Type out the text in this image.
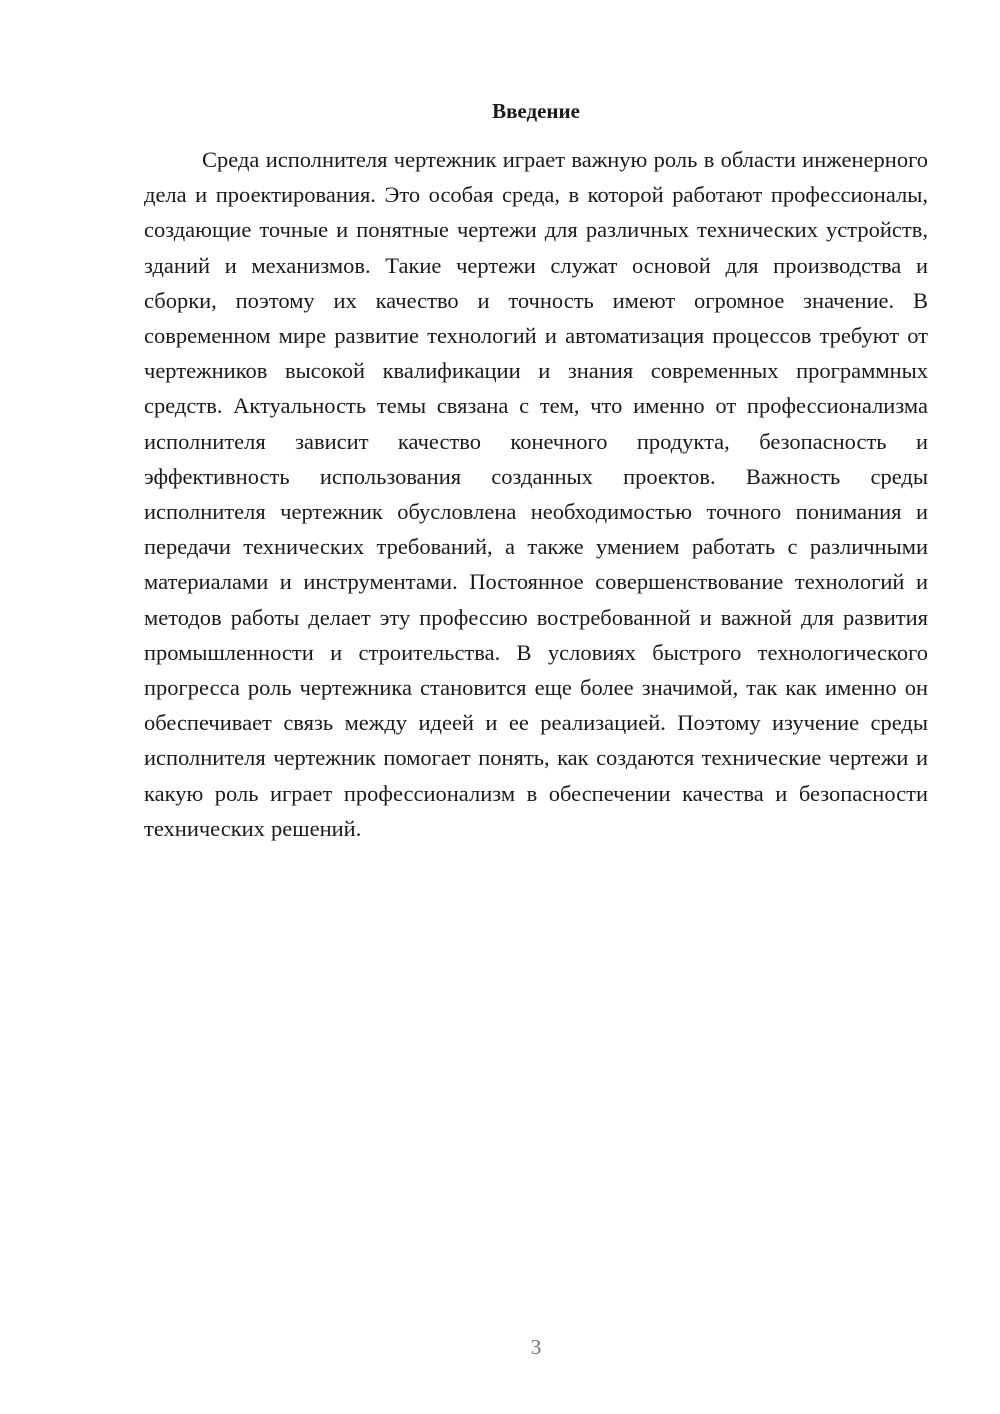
Введение

Среда исполнителя чертежник играет важную роль в области инженерного дела и проектирования. Это особая среда, в которой работают профессионалы, создающие точные и понятные чертежи для различных технических устройств, зданий и механизмов. Такие чертежи служат основой для производства и сборки, поэтому их качество и точность имеют огромное значение. В современном мире развитие технологий и автоматизация процессов требуют от чертежников высокой квалификации и знания современных программных средств. Актуальность темы связана с тем, что именно от профессионализма исполнителя зависит качество конечного продукта, безопасность и эффективность использования созданных проектов. Важность среды исполнителя чертежник обусловлена необходимостью точного понимания и передачи технических требований, а также умением работать с различными материалами и инструментами. Постоянное совершенствование технологий и методов работы делает эту профессию востребованной и важной для развития промышленности и строительства. В условиях быстрого технологического прогресса роль чертежника становится еще более значимой, так как именно он обеспечивает связь между идеей и ее реализацией. Поэтому изучение среды исполнителя чертежник помогает понять, как создаются технические чертежи и какую роль играет профессионализм в обеспечении качества и безопасности технических решений.

3
